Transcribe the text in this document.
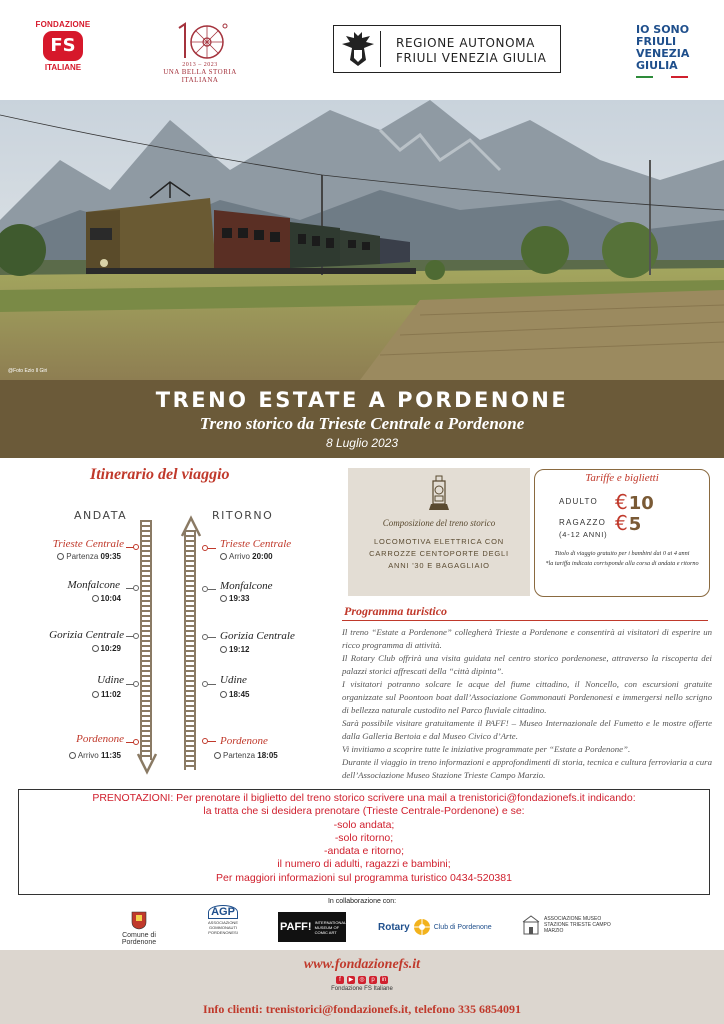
FONDAZIONE
FS
ITALIANE	2013 – 2023
UNA BELLA STORIA ITALIANA
REGIONE AUTONOMA
FRIULI VENEZIA GIULIA
IO SONO
FRIULI
VENEZIA
GIULIA
@Foto Ezio Il Giri
TRENO ESTATE A PORDENONE
Treno storico da Trieste Centrale a Pordenone
8 Luglio 2023
Itinerario del viaggio
ANDATA	RITORNO
Trieste Centrale
Partenza 09:35
Monfalcone
10:04
Gorizia Centrale
10:29
Udine
11:02
Pordenone
Arrivo 11:35
Trieste Centrale
Arrivo 20:00
Monfalcone
19:33
Gorizia Centrale
19:12
Udine
18:45
Pordenone
Partenza 18:05
Composizione del treno storico
LOCOMOTIVA ELETTRICA CON CARROZZE CENTOPORTE DEGLI ANNI '30 E BAGAGLIAIO
Tariffe e biglietti
ADULTO €10
RAGAZZO
(4-12 ANNI) €5
Titolo di viaggio gratuito per i bambini dai 0 ai 4 anni
*la tariffa indicata corrisponde alla corsa di andata e ritorno
Programma turistico

Il treno “Estate a Pordenone” collegherà Trieste a Pordenone e consentirà ai visitatori di esperire un ricco programma di attività.

Il Rotary Club offrirà una visita guidata nel centro storico pordenonese, attraverso la riscoperta dei palazzi storici affrescati della “città dipinta”.

I visitatori potranno solcare le acque del fiume cittadino, il Noncello, con escursioni gratuite organizzate sul Poontoon boat dall’Associazione Gommonauti Pordenonesi e immergersi nello scrigno di bellezza naturale custodito nel Parco fluviale cittadino.

Sarà possibile visitare gratuitamente il PAFF! – Museo Internazionale del Fumetto e le mostre offerte dalla Galleria Bertoia e dal Museo Civico d’Arte.

Vi invitiamo a scoprire tutte le iniziative programmate per “Estate a Pordenone”.

Durante il viaggio in treno informazioni e approfondimenti di storia, tecnica e cultura ferroviaria a cura dell’Associazione Museo Stazione Trieste Campo Marzio.

PRENOTAZIONI: Per prenotare il biglietto del treno storico scrivere una mail a trenistorici@fondazionefs.it indicando:
la tratta che si desidera prenotare (Trieste Centrale-Pordenone) e se:
-solo andata;
-solo ritorno;
-andata e ritorno;
il numero di adulti, ragazzi e bambini;
Per maggiori informazioni sul programma turistico 0434-520381
In collaborazione con:
Comune di Pordenone
AGP
ASSOCIAZIONE GOMMONAUTI PORDENONESI	PAFF! INTERNATIONAL MUSEUM OF COMIC ART	Rotary	Club di Pordenone
ASSOCIAZIONE MUSEO STAZIONE TRIESTE CAMPO MARZIO
www.fondazionefs.it
f	▶ ◎	p	in
Fondazione FS Italiane
Info clienti: trenistorici@fondazionefs.it, telefono 335 6854091
